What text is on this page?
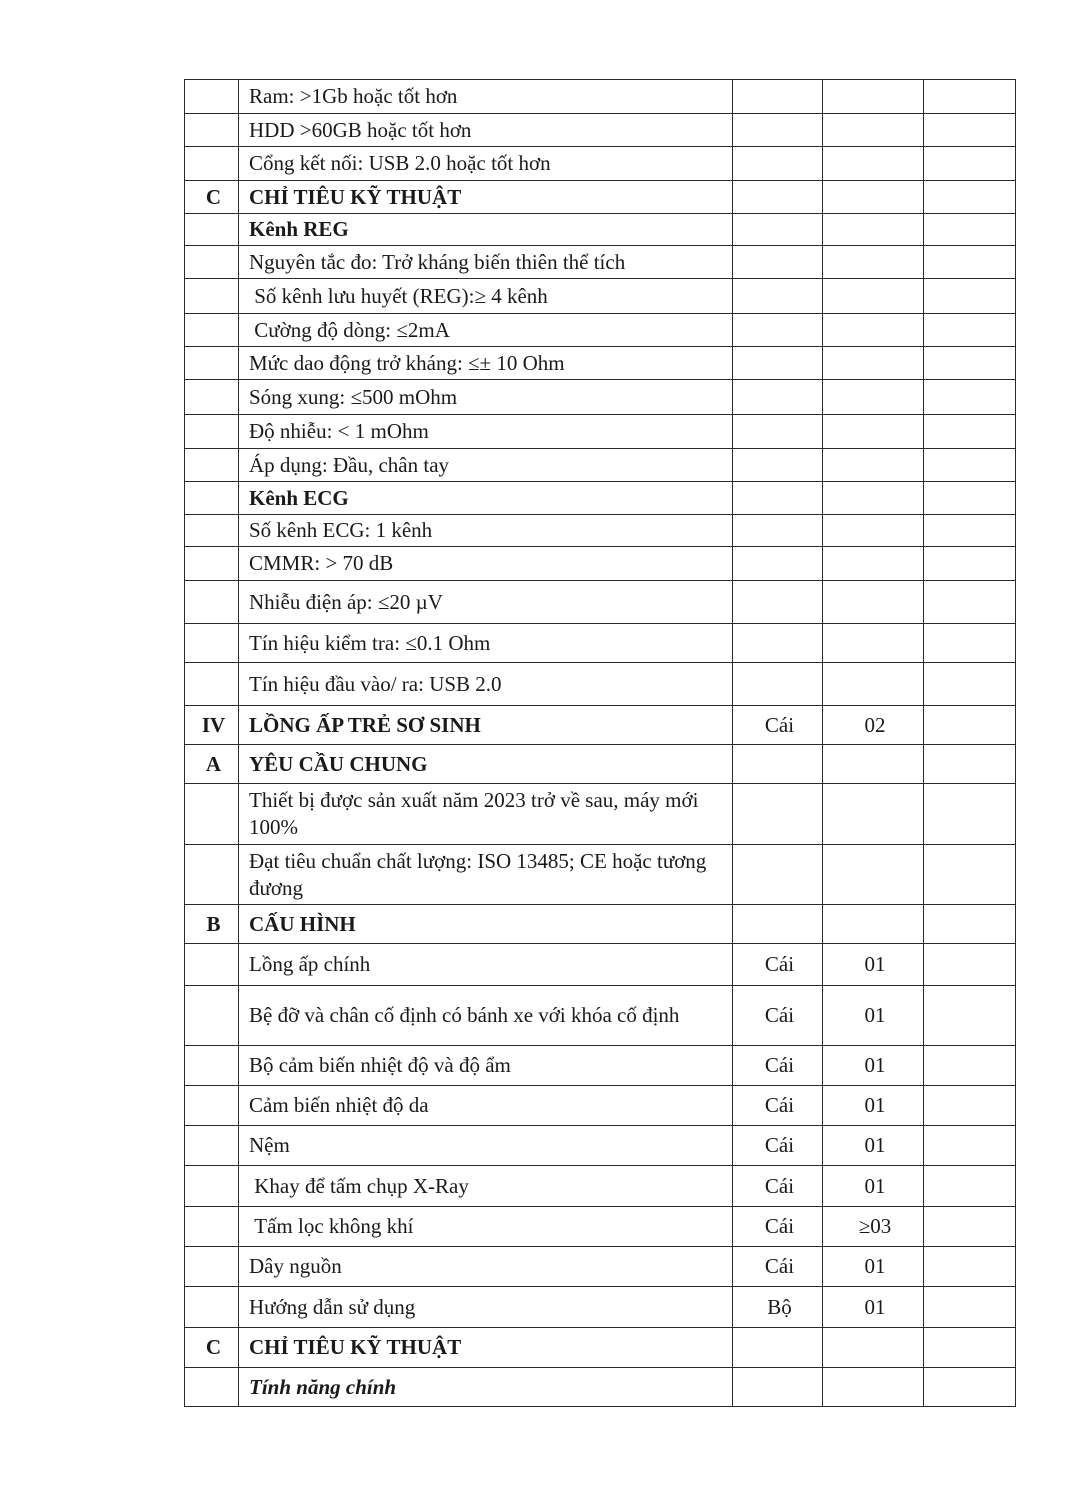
	Ram: >1Gb hoặc tốt hơn			
	HDD >60GB hoặc tốt hơn			
	Cổng kết nối: USB 2.0 hoặc tốt hơn			
C	CHỈ TIÊU KỸ THUẬT			
	Kênh REG			
	Nguyên tắc đo: Trở kháng biến thiên thể tích			
	Số kênh lưu huyết (REG):≥ 4 kênh			
	Cường độ dòng: ≤2mA			
	Mức dao động trở kháng: ≤± 10 Ohm			
	Sóng xung: ≤500 mOhm			
	Độ nhiễu: < 1 mOhm			
	Áp dụng: Đầu, chân tay			
	Kênh ECG			
	Số kênh ECG: 1 kênh			
	CMMR: > 70 dB			
	Nhiễu điện áp: ≤20 µV			
	Tín hiệu kiểm tra: ≤0.1 Ohm			
	Tín hiệu đầu vào/ ra: USB 2.0			
IV	LỒNG ẤP TRẺ SƠ SINH	Cái	02	
A	YÊU CẦU CHUNG			
	Thiết bị được sản xuất năm 2023 trở về sau, máy mới 100%			
	Đạt tiêu chuẩn chất lượng: ISO 13485; CE hoặc tương đương			
B	CẤU HÌNH			
	Lồng ấp chính	Cái	01	
	Bệ đỡ và chân cố định có bánh xe với khóa cố định	Cái	01	
	Bộ cảm biến nhiệt độ và độ ẩm	Cái	01	
	Cảm biến nhiệt độ da	Cái	01	
	Nệm	Cái	01	
	Khay để tấm chụp X-Ray	Cái	01	
	Tấm lọc không khí	Cái	≥03	
	Dây nguồn	Cái	01	
	Hướng dẫn sử dụng	Bộ	01	
C	CHỈ TIÊU KỸ THUẬT			
	Tính năng chính			
